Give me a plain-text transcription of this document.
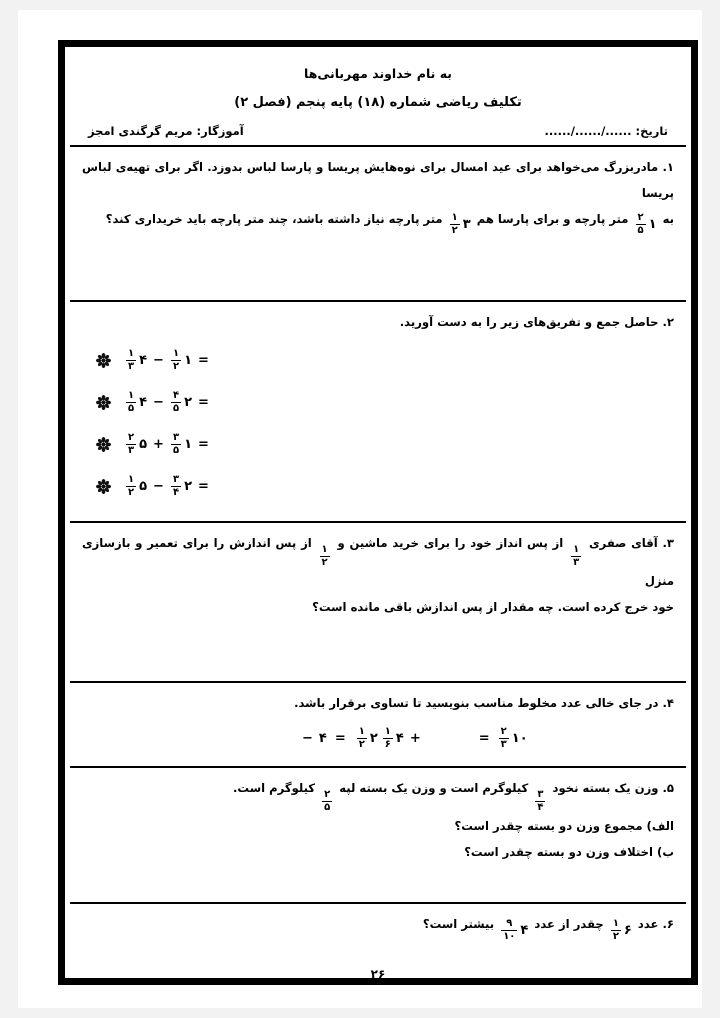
به نام خداوند مهربانی‌ها
تکلیف ریاضی شماره (۱۸) پایه پنجم (فصل ۲)
آموزگار: مریم گرگندی امجز	تاریخ: ....../....../......
۱. مادربزرگ می‌خواهد برای عید امسال برای نوه‌هایش پریسا و پارسا لباس بدوزد. اگر برای تهیه‌ی لباس پریسا
به
۱
$\frac{۲}{۵}$
متر پارچه و برای پارسا هم
۳
$\frac{۱}{۲}$
متر پارچه نیاز داشته باشد، چند متر پارچه باید خریداری کند؟
۲. حاصل جمع و تفریق‌های زیر را به دست آورید.
۴
$\frac{۱}{۳}$ − ۱
$\frac{۱}{۲}$ =
۴
$\frac{۱}{۵}$ − ۲
$\frac{۴}{۵}$ =
۵
$\frac{۲}{۳}$ + ۱
$\frac{۳}{۵}$ =
۵
$\frac{۱}{۲}$ − ۲
$\frac{۳}{۴}$ =
۳. آقای صفری
$\frac{۱}{۳}$
از پس انداز خود را برای خرید ماشین و
$\frac{۱}{۲}$
از پس اندازش را برای تعمیر و بازسازی منزل
خود خرج کرده است. چه مقدار از پس اندازش باقی مانده است؟
۴. در جای خالی عدد مخلوط مناسب بنویسید تا تساوی برقرار باشد.
− ۴ = ۲
$\frac{۱}{۲}$ ۴
$\frac{۱}{۶}$ +	= ۱۰
$\frac{۲}{۳}$
۵. وزن یک بسته نخود
$\frac{۳}{۴}$
کیلوگرم است و وزن یک بسته لپه
$\frac{۲}{۵}$
کیلوگرم است.
الف) مجموع وزن دو بسته چقدر است؟
ب) اختلاف وزن دو بسته چقدر است؟
۶. عدد
۶
$\frac{۱}{۲}$
چقدر از عدد
۴
$\frac{۹}{۱۰}$
بیشتر است؟
۲۶
